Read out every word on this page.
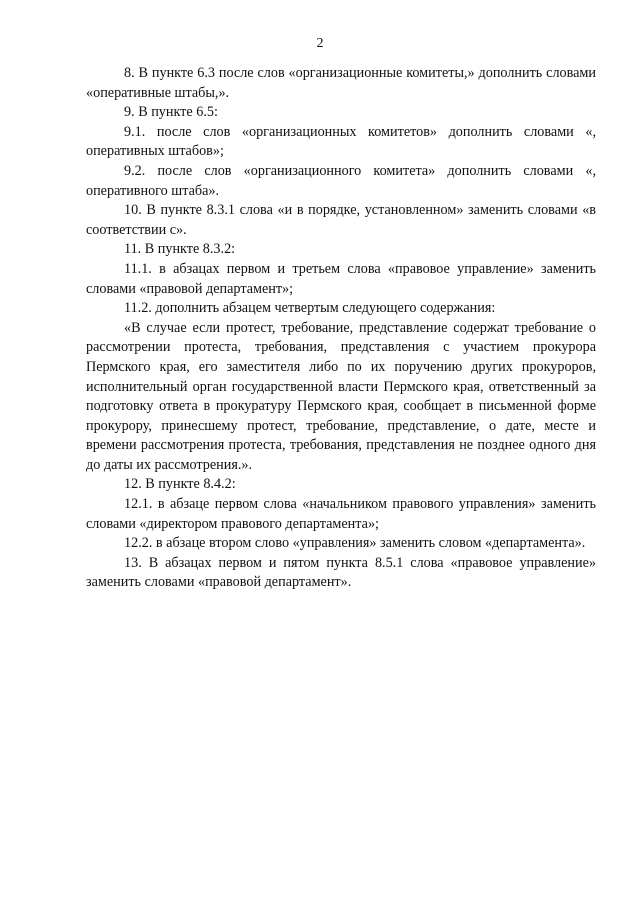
2

8. В пункте 6.3 после слов «организационные комитеты,» дополнить словами «оперативные штабы,».

9. В пункте 6.5:

9.1. после слов «организационных комитетов» дополнить словами «, оперативных штабов»;

9.2. после слов «организационного комитета» дополнить словами «, оперативного штаба».

10. В пункте 8.3.1 слова «и в порядке, установленном» заменить словами «в соответствии с».

11. В пункте 8.3.2:

11.1. в абзацах первом и третьем слова «правовое управление» заменить словами «правовой департамент»;

11.2. дополнить абзацем четвертым следующего содержания:

«В случае если протест, требование, представление содержат требование о рассмотрении протеста, требования, представления с участием прокурора Пермского края, его заместителя либо по их поручению других прокуроров, исполнительный орган государственной власти Пермского края, ответственный за подготовку ответа в прокуратуру Пермского края, сообщает в письменной форме прокурору, принесшему протест, требование, представление, о дате, месте и времени рассмотрения протеста, требования, представления не позднее одного дня до даты их рассмотрения.».

12. В пункте 8.4.2:

12.1. в абзаце первом слова «начальником правового управления» заменить словами «директором правового департамента»;

12.2. в абзаце втором слово «управления» заменить словом «департамента».

13. В абзацах первом и пятом пункта 8.5.1 слова «правовое управление» заменить словами «правовой департамент».
